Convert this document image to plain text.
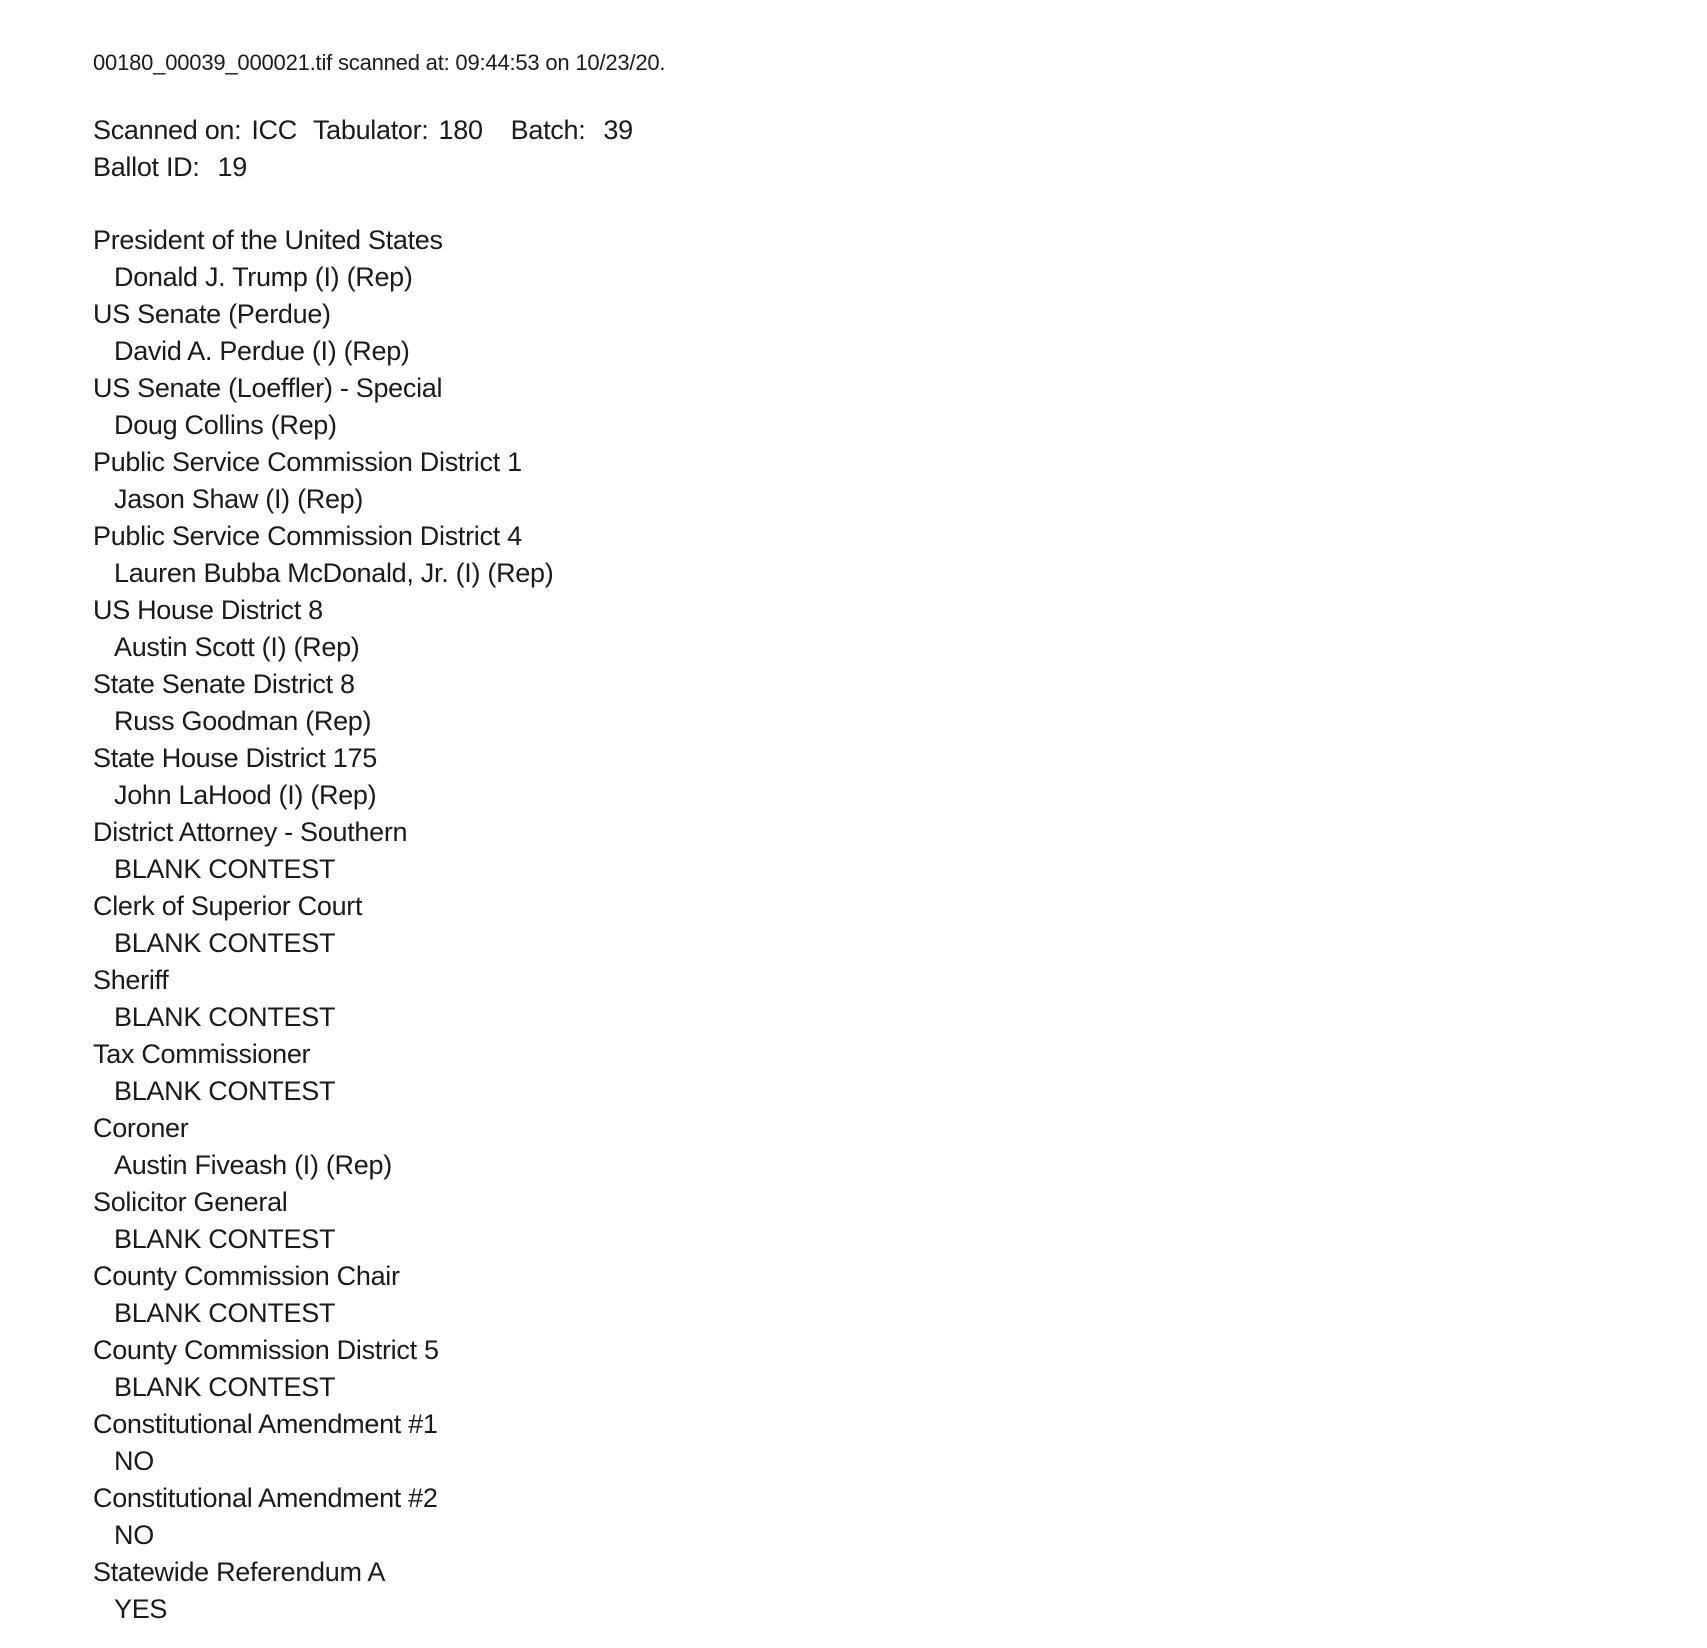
00180_00039_000021.tif scanned at: 09:44:53 on 10/23/20.
Scanned on: ICC Tabulator: 180 Batch: 39
Ballot ID: 19
President of the United States
Donald J. Trump (I) (Rep)
US Senate (Perdue)
David A. Perdue (I) (Rep)
US Senate (Loeffler) - Special
Doug Collins (Rep)
Public Service Commission District 1
Jason Shaw (I) (Rep)
Public Service Commission District 4
Lauren Bubba McDonald, Jr. (I) (Rep)
US House District 8
Austin Scott (I) (Rep)
State Senate District 8
Russ Goodman (Rep)
State House District 175
John LaHood (I) (Rep)
District Attorney - Southern
BLANK CONTEST
Clerk of Superior Court
BLANK CONTEST
Sheriff
BLANK CONTEST
Tax Commissioner
BLANK CONTEST
Coroner
Austin Fiveash (I) (Rep)
Solicitor General
BLANK CONTEST
County Commission Chair
BLANK CONTEST
County Commission District 5
BLANK CONTEST
Constitutional Amendment #1
NO
Constitutional Amendment #2
NO
Statewide Referendum A
YES
